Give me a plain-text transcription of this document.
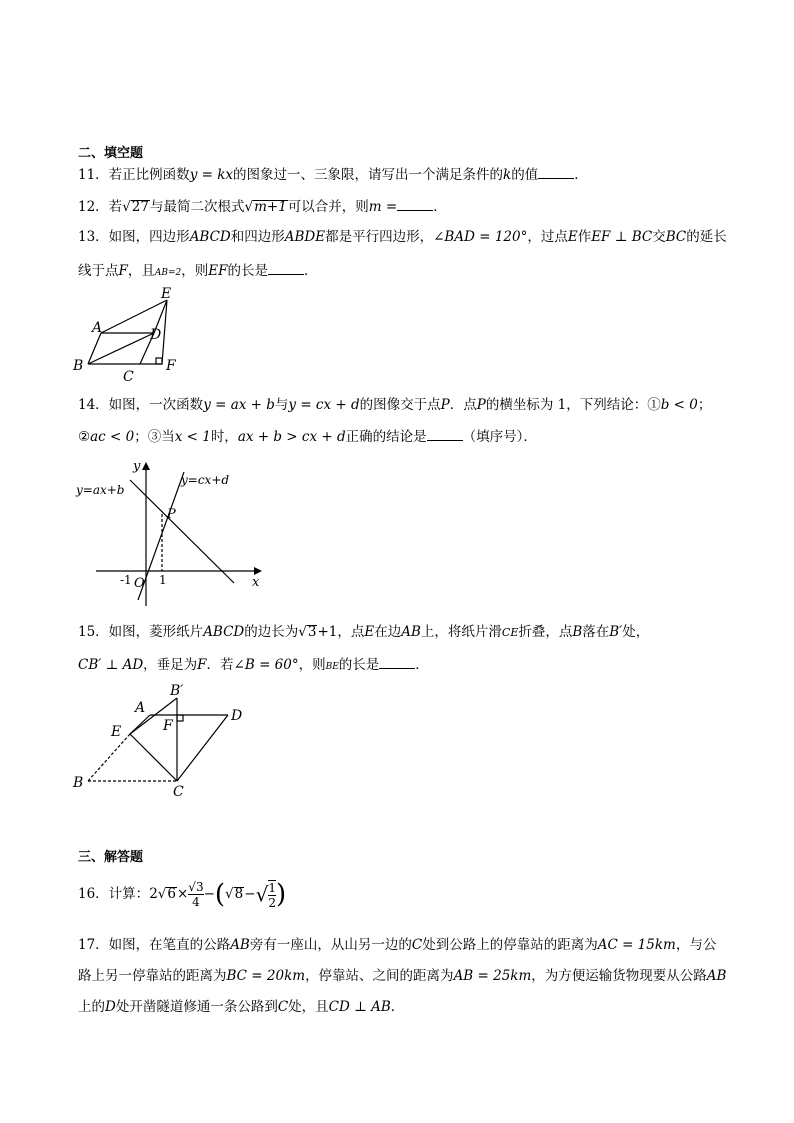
二、填空题
11．若正比例函数y = kx的图象过一、三象限，请写出一个满足条件的k的值	．
12．若√27与最简二次根式√m+1可以合并，则m =	．
13．如图，四边形ABCD和四边形ABDE都是平行四边形，∠BAD = 120°，过点E作EF ⊥ BC交BC的延长
线于点F，且AB=2，则EF的长是	．
E
A	D
B	F
C
14．如图，一次函数y = ax + b与y = cx + d的图像交于点P．点P的横坐标为 1，下列结论：①b < 0；
②ac < 0；③当x < 1时，ax + b > cx + d正确的结论是	（填序号）．
y
x
y=ax+b
y=cx+d
P
O
-1 1
15．如图，菱形纸片ABCD的边长为√3+1，点E在边AB上，将纸片滑CE折叠，点B落在B′处，
CB′ ⊥ AD，垂足为F．若∠B = 60°，则BE的长是	．
B′
A	D
E	F
B
C
三、解答题
16．计算：$2√6\times \frac{√3}{4} -(√8-√ \frac{1}{2}$ )
17．如图，在笔直的公路AB旁有一座山，从山另一边的C处到公路上的停靠站的距离为AC = 15km，与公
路上另一停靠站的距离为BC = 20km，停靠站、之间的距离为AB = 25km，为方便运输货物现要从公路AB
上的D处开凿隧道修通一条公路到C处，且CD ⊥ AB．
